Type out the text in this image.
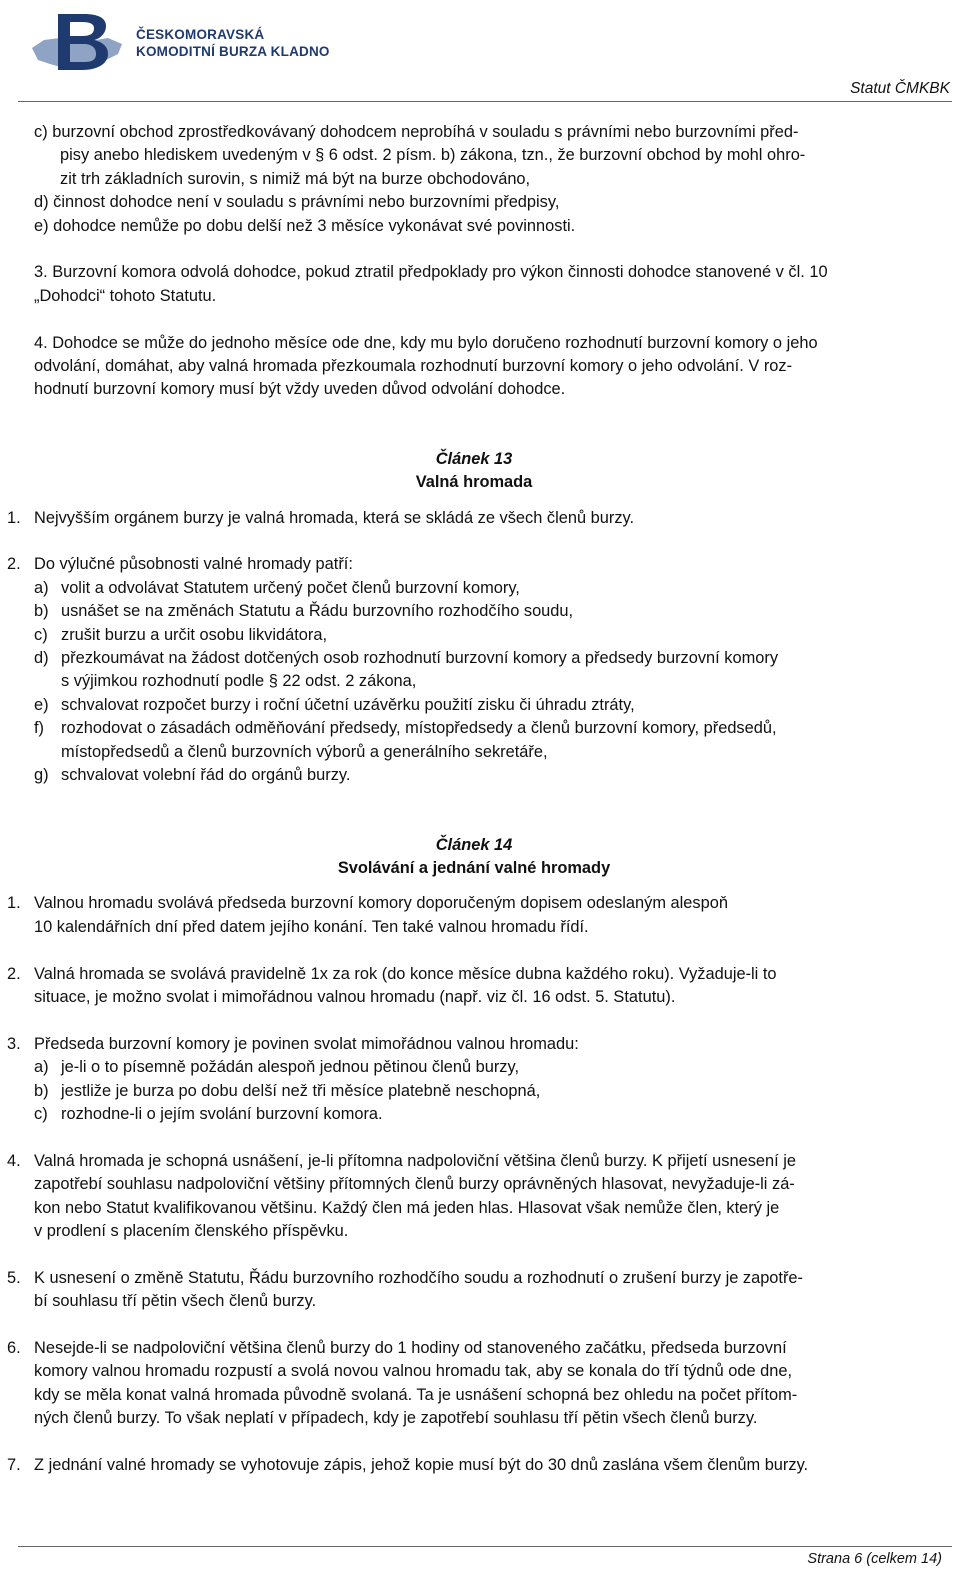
ČESKOMORAVSKÁ
KOMODITNÍ BURZA KLADNO
Statut ČMKBK
c) burzovní obchod zprostředkovávaný dohodcem neprobíhá v souladu s právními nebo burzovními před-
pisy anebo hlediskem uvedeným v § 6 odst. 2 písm. b) zákona, tzn., že burzovní obchod by mohl ohro-
zit trh základních surovin, s nimiž má být na burze obchodováno,
d) činnost dohodce není v souladu s právními nebo burzovními předpisy,
e) dohodce nemůže po dobu delší než 3 měsíce vykonávat své povinnosti.
3. Burzovní komora odvolá dohodce, pokud ztratil předpoklady pro výkon činnosti dohodce stanovené v čl. 10
„Dohodci“ tohoto Statutu.
4. Dohodce se může do jednoho měsíce ode dne, kdy mu bylo doručeno rozhodnutí burzovní komory o jeho
odvolání, domáhat, aby valná hromada přezkoumala rozhodnutí burzovní komory o jeho odvolání. V roz-
hodnutí burzovní komory musí být vždy uveden důvod odvolání dohodce.
Článek 13
Valná hromada
1. Nejvyšším orgánem burzy je valná hromada, která se skládá ze všech členů burzy.
2. Do výlučné působnosti valné hromady patří:
a) volit a odvolávat Statutem určený počet členů burzovní komory,
b) usnášet se na změnách Statutu a Řádu burzovního rozhodčího soudu,
c) zrušit burzu a určit osobu likvidátora,
d) přezkoumávat na žádost dotčených osob rozhodnutí burzovní komory a předsedy burzovní komory
s výjimkou rozhodnutí podle § 22 odst. 2 zákona,
e) schvalovat rozpočet burzy i roční účetní uzávěrku použití zisku či úhradu ztráty,
f) rozhodovat o zásadách odměňování předsedy, místopředsedy a členů burzovní komory, předsedů,
místopředsedů a členů burzovních výborů a generálního sekretáře,
g) schvalovat volební řád do orgánů burzy.
Článek 14
Svolávání a jednání valné hromady
1. Valnou hromadu svolává předseda burzovní komory doporučeným dopisem odeslaným alespoň
10 kalendářních dní před datem jejího konání. Ten také valnou hromadu řídí.
2. Valná hromada se svolává pravidelně 1x za rok (do konce měsíce dubna každého roku). Vyžaduje-li to
situace, je možno svolat i mimořádnou valnou hromadu (např. viz čl. 16 odst. 5. Statutu).
3. Předseda burzovní komory je povinen svolat mimořádnou valnou hromadu:
a) je-li o to písemně požádán alespoň jednou pětinou členů burzy,
b) jestliže je burza po dobu delší než tři měsíce platebně neschopná,
c) rozhodne-li o jejím svolání burzovní komora.
4. Valná hromada je schopná usnášení, je-li přítomna nadpoloviční většina členů burzy. K přijetí usnesení je
zapotřebí souhlasu nadpoloviční většiny přítomných členů burzy oprávněných hlasovat, nevyžaduje-li zá-
kon nebo Statut kvalifikovanou většinu. Každý člen má jeden hlas. Hlasovat však nemůže člen, který je
v prodlení s placením členského příspěvku.
5. K usnesení o změně Statutu, Řádu burzovního rozhodčího soudu a rozhodnutí o zrušení burzy je zapotře-
bí souhlasu tří pětin všech členů burzy.
6. Nesejde-li se nadpoloviční většina členů burzy do 1 hodiny od stanoveného začátku, předseda burzovní
komory valnou hromadu rozpustí a svolá novou valnou hromadu tak, aby se konala do tří týdnů ode dne,
kdy se měla konat valná hromada původně svolaná. Ta je usnášení schopná bez ohledu na počet přítom-
ných členů burzy. To však neplatí v případech, kdy je zapotřebí souhlasu tří pětin všech členů burzy.
7. Z jednání valné hromady se vyhotovuje zápis, jehož kopie musí být do 30 dnů zaslána všem členům burzy.
Strana 6 (celkem 14)
